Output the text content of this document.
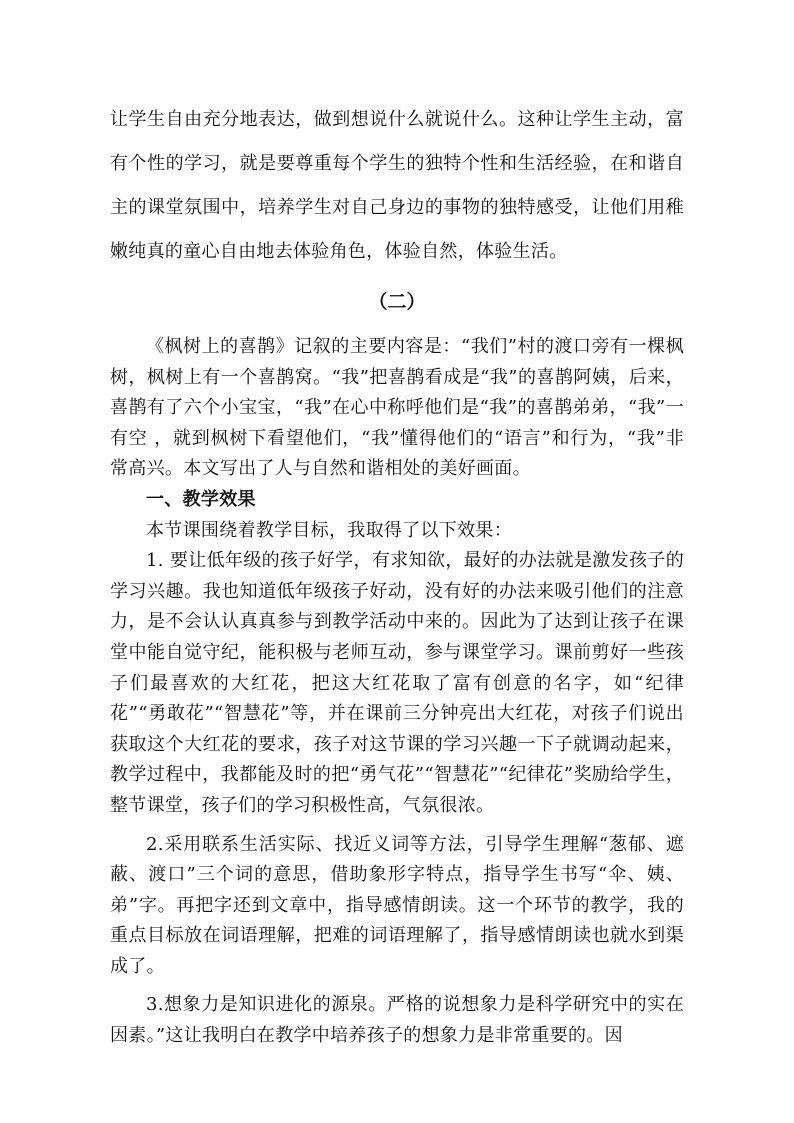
让学生自由充分地表达，做到想说什么就说什么。这种让学生主动，富有个性的学习，就是要尊重每个学生的独特个性和生活经验，在和谐自主的课堂氛围中，培养学生对自己身边的事物的独特感受，让他们用稚嫩纯真的童心自由地去体验角色，体验自然，体验生活。

（二）

《枫树上的喜鹊》记叙的主要内容是：“我们”村的渡口旁有一棵枫树，枫树上有一个喜鹊窝。“我”把喜鹊看成是“我”的喜鹊阿姨，后来，喜鹊有了六个小宝宝，“我”在心中称呼他们是“我”的喜鹊弟弟，“我”一有空 ，就到枫树下看望他们，“我”懂得他们的“语言”和行为，“我”非常高兴。本文写出了人与自然和谐相处的美好画面。

一、教学效果

本节课围绕着教学目标，我取得了以下效果：

1. 要让低年级的孩子好学，有求知欲，最好的办法就是激发孩子的学习兴趣。我也知道低年级孩子好动，没有好的办法来吸引他们的注意力，是不会认认真真参与到教学活动中来的。因此为了达到让孩子在课堂中能自觉守纪，能积极与老师互动，参与课堂学习。课前剪好一些孩子们最喜欢的大红花，把这大红花取了富有创意的名字，如“纪律花”“勇敢花”“智慧花”等，并在课前三分钟亮出大红花，对孩子们说出获取这个大红花的要求，孩子对这节课的学习兴趣一下子就调动起来，教学过程中，我都能及时的把“勇气花”“智慧花”“纪律花”奖励给学生，整节课堂，孩子们的学习积极性高，气氛很浓。

2.采用联系生活实际、找近义词等方法，引导学生理解“葱郁、遮蔽、渡口”三个词的意思，借助象形字特点，指导学生书写“伞、姨、弟”字。再把字还到文章中，指导感情朗读。这一个环节的教学，我的重点目标放在词语理解，把难的词语理解了，指导感情朗读也就水到渠成了。

3.想象力是知识进化的源泉。严格的说想象力是科学研究中的实在因素。”这让我明白在教学中培养孩子的想象力是非常重要的。因
